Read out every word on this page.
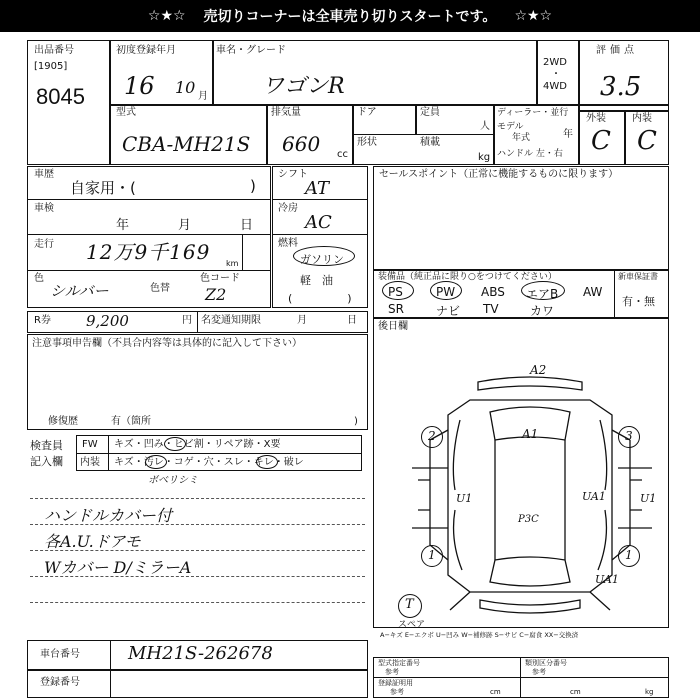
☆★☆ 売切りコーナーは全車売り切りスタートです。 ☆★☆
出品番号
[1905]
8045
初度登録年月
16 10 月
車名・グレード
ワゴンR
2WD
・
4WD
評価点
3.5
型式
CBA-MH21S
排気量
660 cc
ドア	定員
人
ディーラー・並行
モデル
年式	年
形状	積載
kg ハンドル 左・右
外装
C
内装
C
車歴
自家用・(	)
車検
年	月	日
走行 12万9千169 km
色
シルバー	色替
色コード
Z2
シフト
AT
冷房
AC
燃料
ガソリン
軽　油
(　　　　　)
セールスポイント（正常に機能するものに限ります）
装備品（純正品に限り○をつけてください）	新車保証書
有・無
PS	PW ABS エアB AW
SR	ナビ TV	カワ
後日欄
R券 9,200	円 名変通知期限	月	日
注意事項申告欄（不具合内容等は具体的に記入して下さい）
修復歴	有（箇所	)
検査員
記入欄
FW キズ・凹み・ヒビ割・リペア跡・X要
内装 キズ・汚レ・コゲ・穴・スレ・キレ・破レ
ボベリシミ
ハンドルカバー付
各A.U.ドアモ
Wカバー D/ミラーA
2	3
1	1
T
スペア
A2
A1
U1	UA1	U1
P3C
UA1
A−キズ E−エクボ U−凹み W−補修跡 S−サビ C−腐食 XX−交換済
車台番号	MH21S-262678
登録番号
型式指定番号
参考
類別区分番号
参考
登録証明用
参考	cm	cm	kg
